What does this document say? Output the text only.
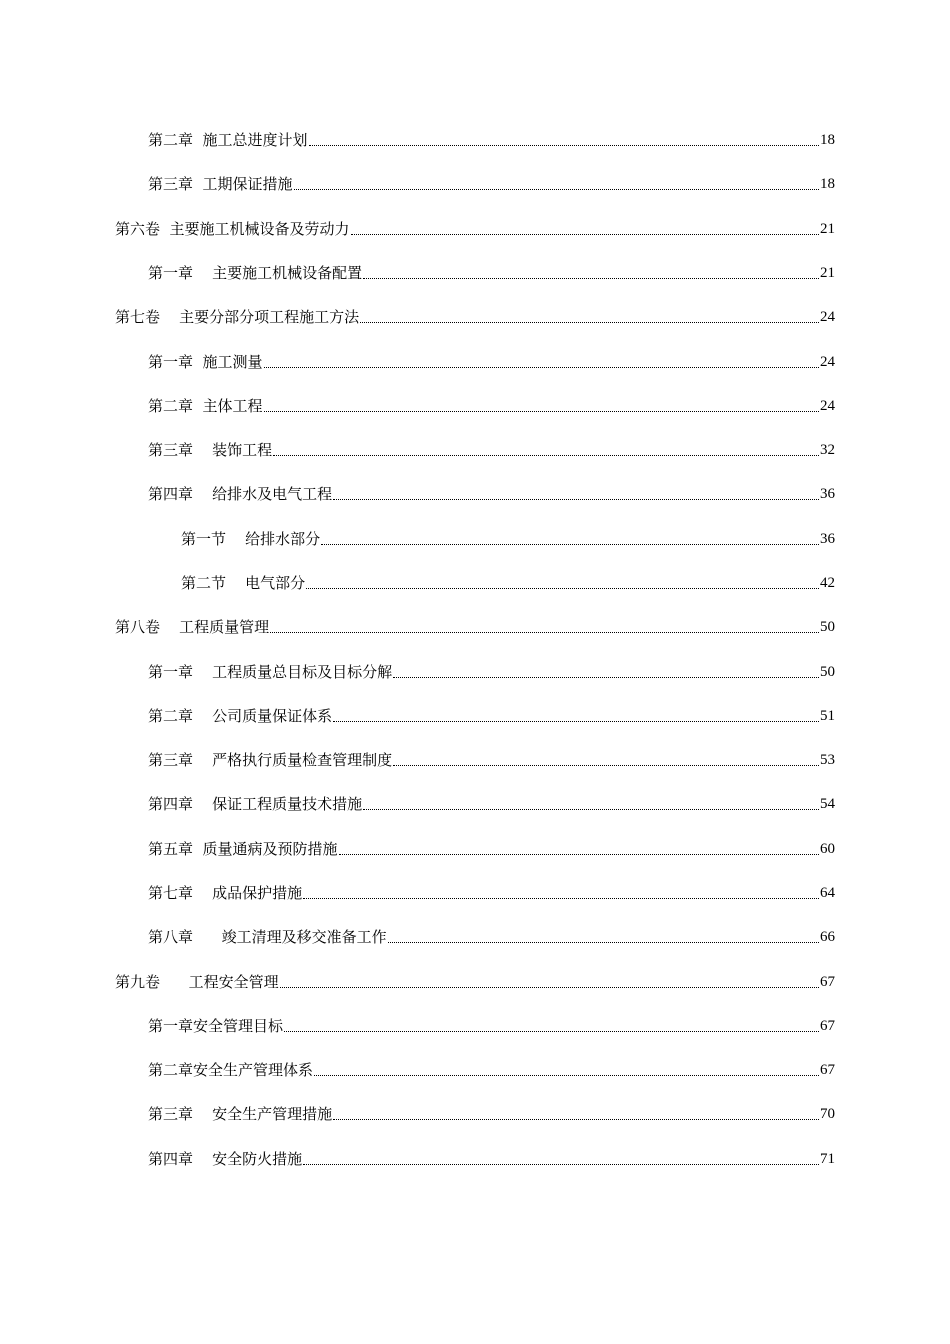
第二章  施工总进度计划	18
第三章  工期保证措施	18
第六卷  主要施工机械设备及劳动力	21
第一章    主要施工机械设备配置	21
第七卷    主要分部分项工程施工方法	24
第一章  施工测量	24
第二章  主体工程	24
第三章    装饰工程	32
第四章    给排水及电气工程	36
第一节    给排水部分	36
第二节    电气部分	42
第八卷    工程质量管理	50
第一章    工程质量总目标及目标分解	50
第二章    公司质量保证体系	51
第三章    严格执行质量检查管理制度	53
第四章    保证工程质量技术措施	54
第五章  质量通病及预防措施	60
第七章    成品保护措施	64
第八章      竣工清理及移交准备工作	66
第九卷      工程安全管理	67
第一章安全管理目标	67
第二章安全生产管理体系	67
第三章    安全生产管理措施	70
第四章    安全防火措施	71
